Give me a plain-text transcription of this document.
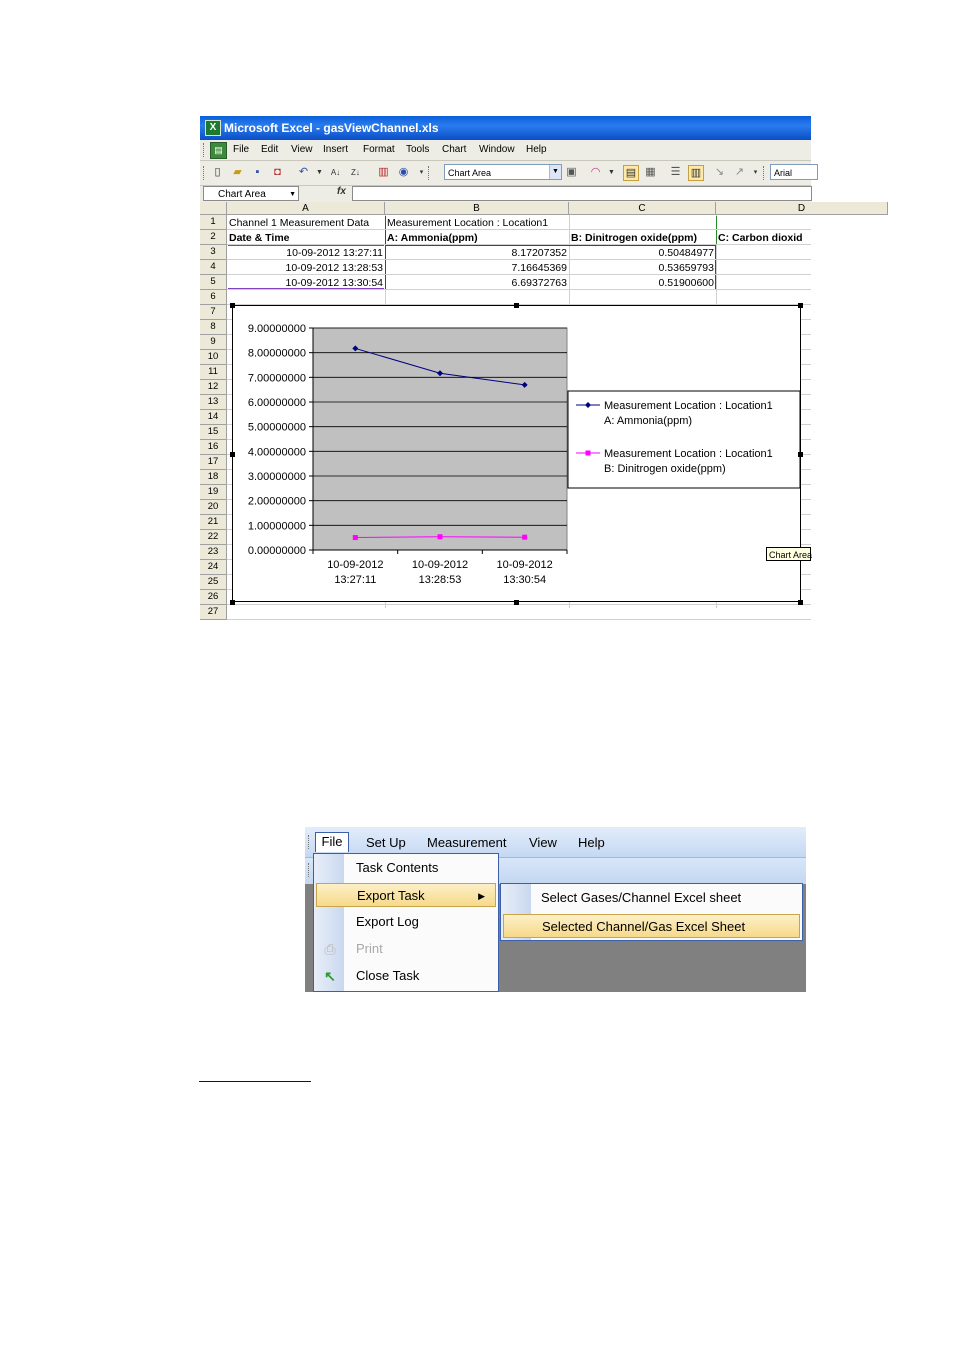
X Microsoft Excel - gasViewChannel.xls
▤	File Edit View Insert Format Tools Chart Window Help
▯	▰	▪	◘	↶	▼ A↓	Z↓ ▥ ◉	▾	Chart Area	▼ ▣ ◠	▼ ▤ ▦ ☰ ▥ ↘ ↗	▾	Arial
Chart Area	▼	fx
A	B	C	D
Channel 1 Measurement Data	Measurement Location : Location1
Date & Time	A: Ammonia(ppm)	B: Dinitrogen oxide(ppm)	C: Carbon dioxid
10-09-2012 13:27:11	8.17207352	0.50484977
10-09-2012 13:28:53	7.16645369	0.53659793
10-09-2012 13:30:54	6.69372763	0.51900600
1
2
3
4
5
6
7
8
9
10
11
12
13
14
15
16
17
18
19
20
21
22
23
24
25
26
27
9.00000000
8.00000000
7.00000000
6.00000000
5.00000000
4.00000000
3.00000000
2.00000000
1.00000000
0.00000000
10-09-2012
13:27:11
10-09-2012
13:28:53
10-09-2012
13:30:54
Measurement Location : Location1
A: Ammonia(ppm)
Measurement Location : Location1
B: Dinitrogen oxide(ppm)
Chart Area
File	Set Up Measurement View Help
Task Contents
Export Task	▶
Export Log
⎙ Print
↖ Close Task
Select Gases/Channel Excel sheet
Selected Channel/Gas Excel Sheet
